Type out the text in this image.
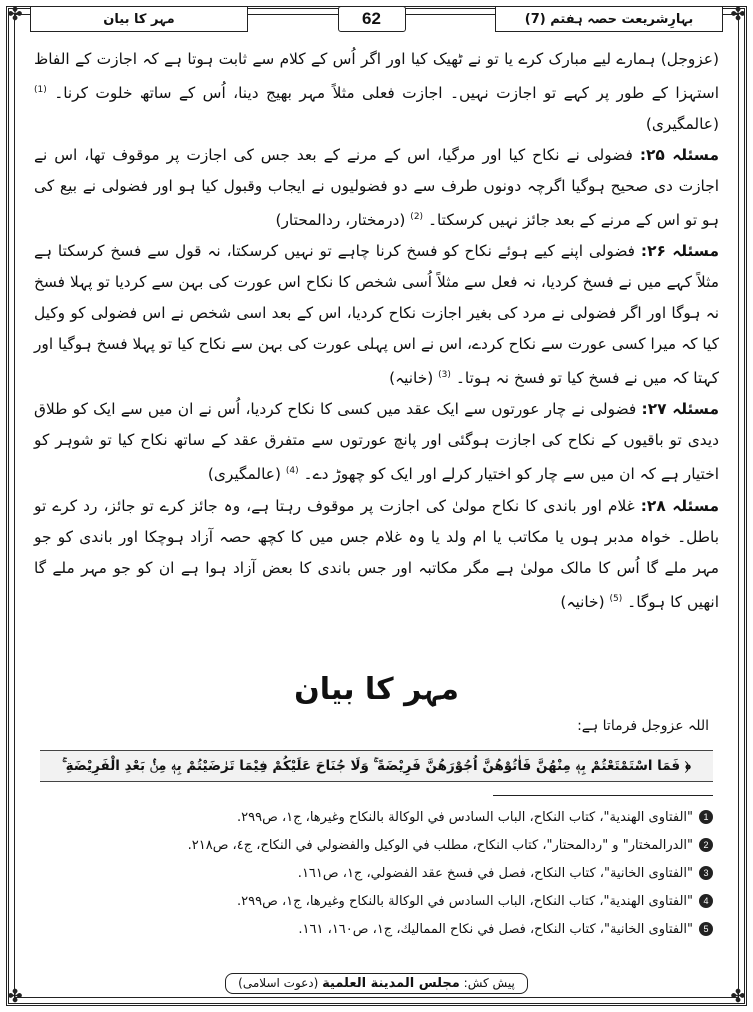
✤	✤
✤	✤
مہر کا بیان	62	بہارِشریعت حصہ ہفتم (7)

(عزوجل) ہمارے لیے مبارک کرے یا تو نے ٹھیک کیا اور اگر اُس کے کلام سے ثابت ہوتا ہے کہ اجازت کے الفاظ استہزا کے طور پر کہے تو اجازت نہیں۔ اجازت فعلی مثلاً مہر بھیج دینا، اُس کے ساتھ خلوت کرنا۔ $^{(1)}$ (عالمگیری)

مسئلہ ۲۵: فضولی نے نکاح کیا اور مرگیا، اس کے مرنے کے بعد جس کی اجازت پر موقوف تھا، اس نے اجازت دی صحیح ہوگیا اگرچہ دونوں طرف سے دو فضولیوں نے ایجاب وقبول کیا ہو اور فضولی نے بیع کی ہو تو اس کے مرنے کے بعد جائز نہیں کرسکتا۔ $^{(2)}$ (درمختار، ردالمحتار)

مسئلہ ۲۶: فضولی اپنے کیے ہوئے نکاح کو فسخ کرنا چاہے تو نہیں کرسکتا، نہ قول سے فسخ کرسکتا ہے مثلاً کہے میں نے فسخ کردیا، نہ فعل سے مثلاً اُسی شخص کا نکاح اس عورت کی بہن سے کردیا تو پہلا فسخ نہ ہوگا اور اگر فضولی نے مرد کی بغیر اجازت نکاح کردیا، اس کے بعد اسی شخص نے اس فضولی کو وکیل کیا کہ میرا کسی عورت سے نکاح کردے، اس نے اس پہلی عورت کی بہن سے نکاح کیا تو پہلا فسخ ہوگیا اور کہتا کہ میں نے فسخ کیا تو فسخ نہ ہوتا۔ $^{(3)}$ (خانیہ)

مسئلہ ۲۷: فضولی نے چار عورتوں سے ایک عقد میں کسی کا نکاح کردیا، اُس نے ان میں سے ایک کو طلاق دیدی تو باقیوں کے نکاح کی اجازت ہوگئی اور پانچ عورتوں سے متفرق عقد کے ساتھ نکاح کیا تو شوہر کو اختیار ہے کہ ان میں سے چار کو اختیار کرلے اور ایک کو چھوڑ دے۔ $^{(4)}$ (عالمگیری)

مسئلہ ۲۸: غلام اور باندی کا نکاح مولیٰ کی اجازت پر موقوف رہتا ہے، وہ جائز کرے تو جائز، رد کرے تو باطل۔ خواہ مدبر ہوں یا مکاتب یا ام ولد یا وہ غلام جس میں کا کچھ حصہ آزاد ہوچکا اور باندی کو جو مہر ملے گا اُس کا مالک مولیٰ ہے مگر مکاتبہ اور جس باندی کا بعض آزاد ہوا ہے ان کو جو مہر ملے گا انھیں کا ہوگا۔ $^{(5)}$ (خانیہ)

مہر کا بیان
اللہ عزوجل فرماتا ہے:
﴿ فَمَا اسْتَمْتَعْتُمْ بِهٖ مِنْهُنَّ فَاٰتُوْهُنَّ اُجُوْرَهُنَّ فَرِيْضَةً ۚ وَلَا جُنَاحَ عَلَيْكُمْ فِيْمَا تَرٰضَيْتُمْ بِهٖ مِنْۢ بَعْدِ الْفَرِيْضَةِ ۚ
1
"الفتاوی الهندية"، كتاب النكاح، الباب السادس في الوكالة بالنكاح وغيرها، ج١، ص٢٩٩.
2
"الدرالمختار" و "ردالمحتار"، كتاب النكاح، مطلب في الوكيل والفضولي في النكاح، ج٤، ص٢١٨.
3
"الفتاوی الخانية"، كتاب النكاح، فصل في فسخ عقد الفضولي، ج١، ص١٦١.
4
"الفتاوی الهندية"، كتاب النكاح، الباب السادس في الوكالة بالنكاح وغيرها، ج١، ص٢٩٩.
5
"الفتاوی الخانية"، كتاب النكاح، فصل في نكاح المماليك، ج١، ص١٦٠، ١٦١.
پیش کش: مجلس المدينة العلمية (دعوت اسلامی)
